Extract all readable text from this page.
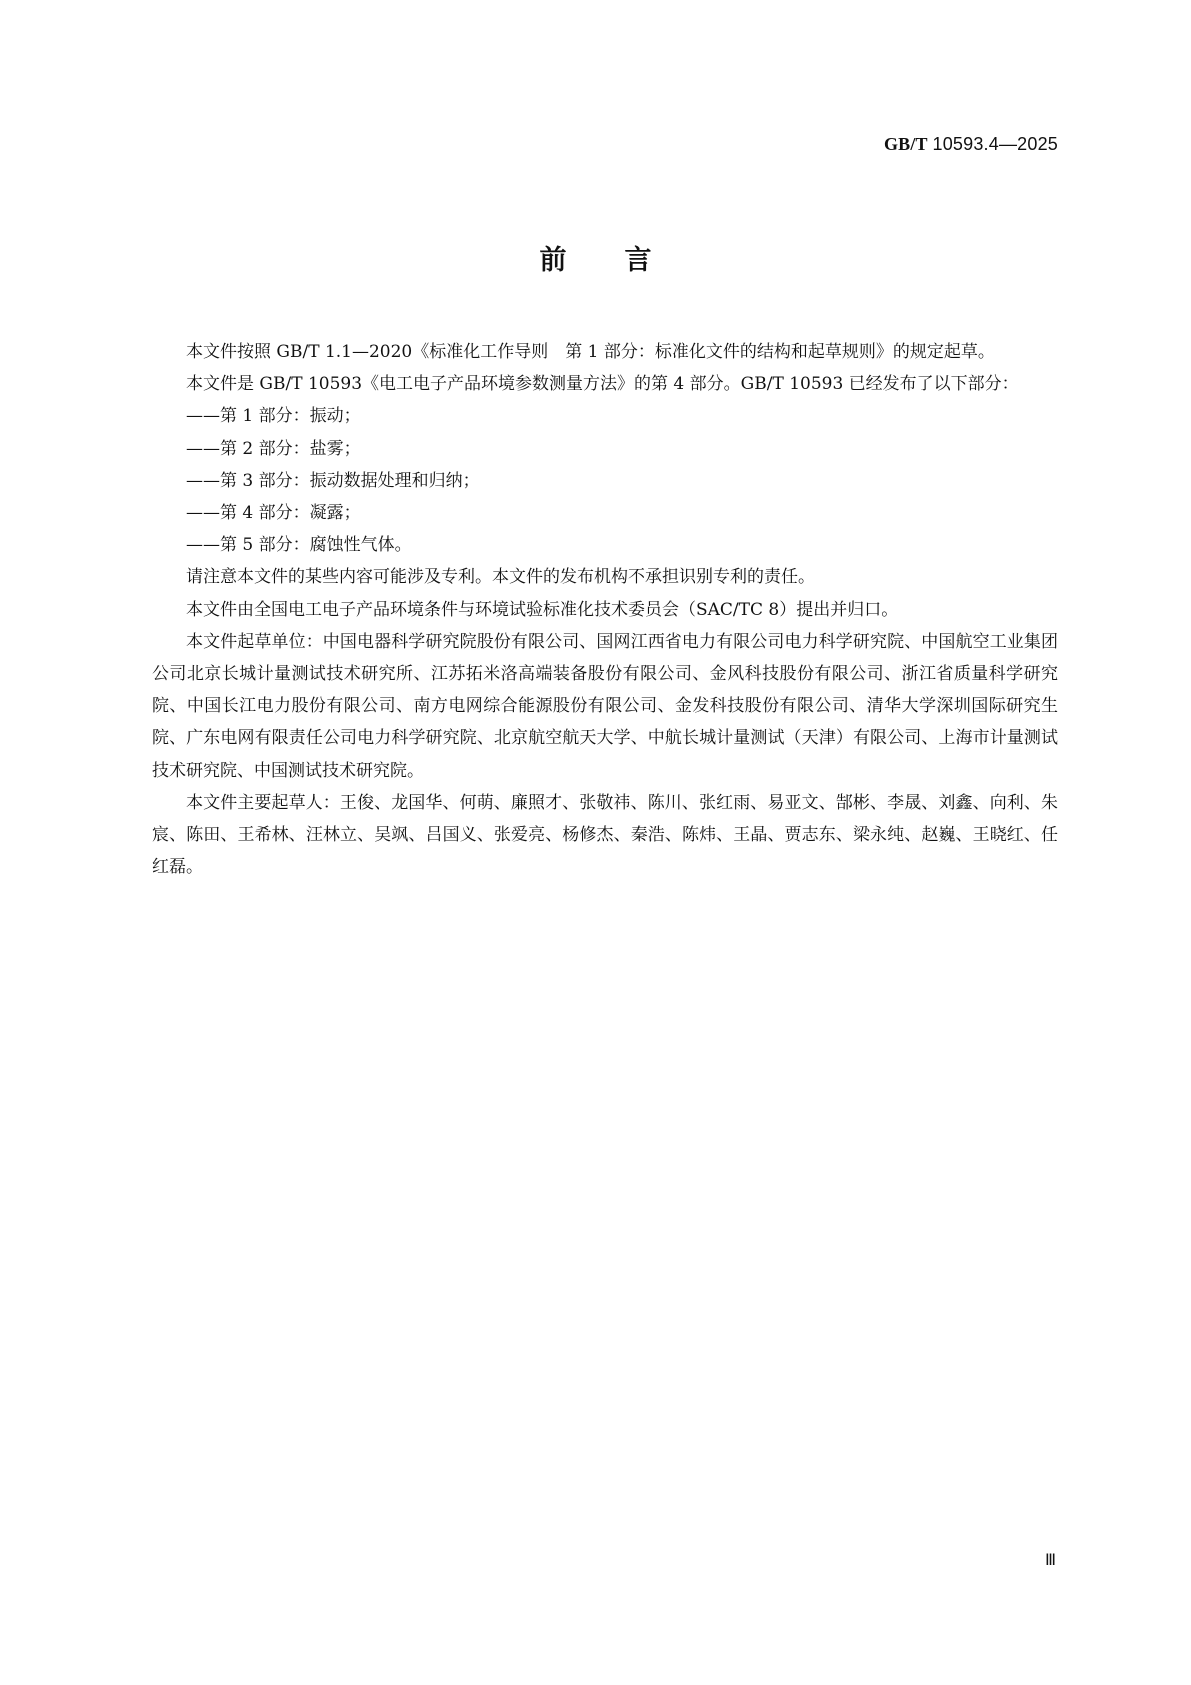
GB/T 10593.4—2025
前 言

本文件按照 GB/T 1.1—2020《标准化工作导则　第 1 部分：标准化文件的结构和起草规则》的规定起草。

本文件是 GB/T 10593《电工电子产品环境参数测量方法》的第 4 部分。GB/T 10593 已经发布了以下部分：

——第 1 部分：振动；

——第 2 部分：盐雾；

——第 3 部分：振动数据处理和归纳；

——第 4 部分：凝露；

——第 5 部分：腐蚀性气体。

请注意本文件的某些内容可能涉及专利。本文件的发布机构不承担识别专利的责任。

本文件由全国电工电子产品环境条件与环境试验标准化技术委员会（SAC/TC 8）提出并归口。

本文件起草单位：中国电器科学研究院股份有限公司、国网江西省电力有限公司电力科学研究院、中国航空工业集团公司北京长城计量测试技术研究所、江苏拓米洛高端装备股份有限公司、金风科技股份有限公司、浙江省质量科学研究院、中国长江电力股份有限公司、南方电网综合能源股份有限公司、金发科技股份有限公司、清华大学深圳国际研究生院、广东电网有限责任公司电力科学研究院、北京航空航天大学、中航长城计量测试（天津）有限公司、上海市计量测试技术研究院、中国测试技术研究院。

本文件主要起草人：王俊、龙国华、何萌、廉照才、张敬祎、陈川、张红雨、易亚文、郜彬、李晟、刘鑫、向利、朱宸、陈田、王希林、汪林立、吴飒、吕国义、张爱亮、杨修杰、秦浩、陈炜、王晶、贾志东、梁永纯、赵巍、王晓红、任红磊。

Ⅲ
